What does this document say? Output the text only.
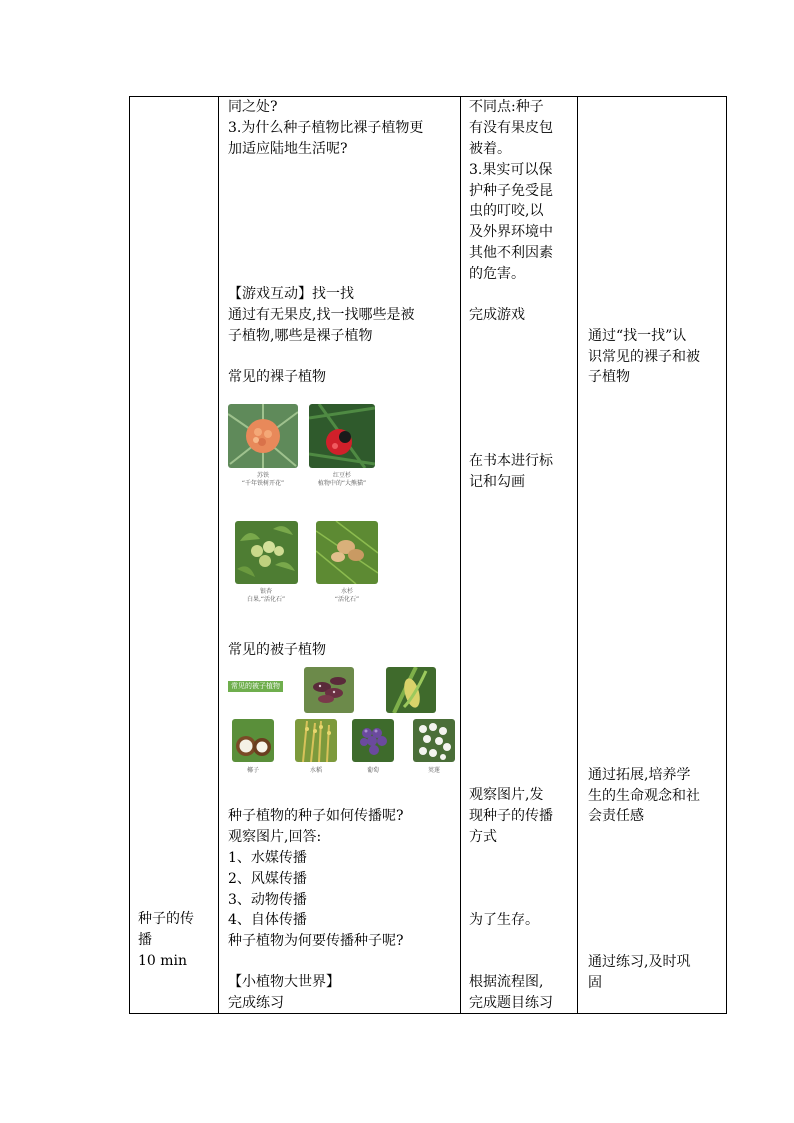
种子的传
播
10 min

同之处?
3.为什么种子植物比裸子植物更
加适应陆地生活呢?
【游戏互动】找一找
通过有无果皮,找一找哪些是被
子植物,哪些是裸子植物
常见的裸子植物
苏铁
“千年铁树开花”
红豆杉
植物中的“大熊猫”
银杏
白果,“活化石”
水杉
“活化石”
常见的被子植物
常见的被子植物
椰子	水稻	葡萄	荚蒾
种子植物的种子如何传播呢?
观察图片,回答:
1、水媒传播
2、风媒传播
3、动物传播
4、自体传播
种子植物为何要传播种子呢?
【小植物大世界】
完成练习

不同点:种子
有没有果皮包
被着。
3.果实可以保
护种子免受昆
虫的叮咬,以
及外界环境中
其他不利因素
的危害。
完成游戏
在书本进行标
记和勾画
观察图片,发
现种子的传播
方式
为了生存。
根据流程图,
完成题目练习

通过“找一找”认
识常见的裸子和被
子植物
通过拓展,培养学
生的生命观念和社
会责任感
通过练习,及时巩
固
